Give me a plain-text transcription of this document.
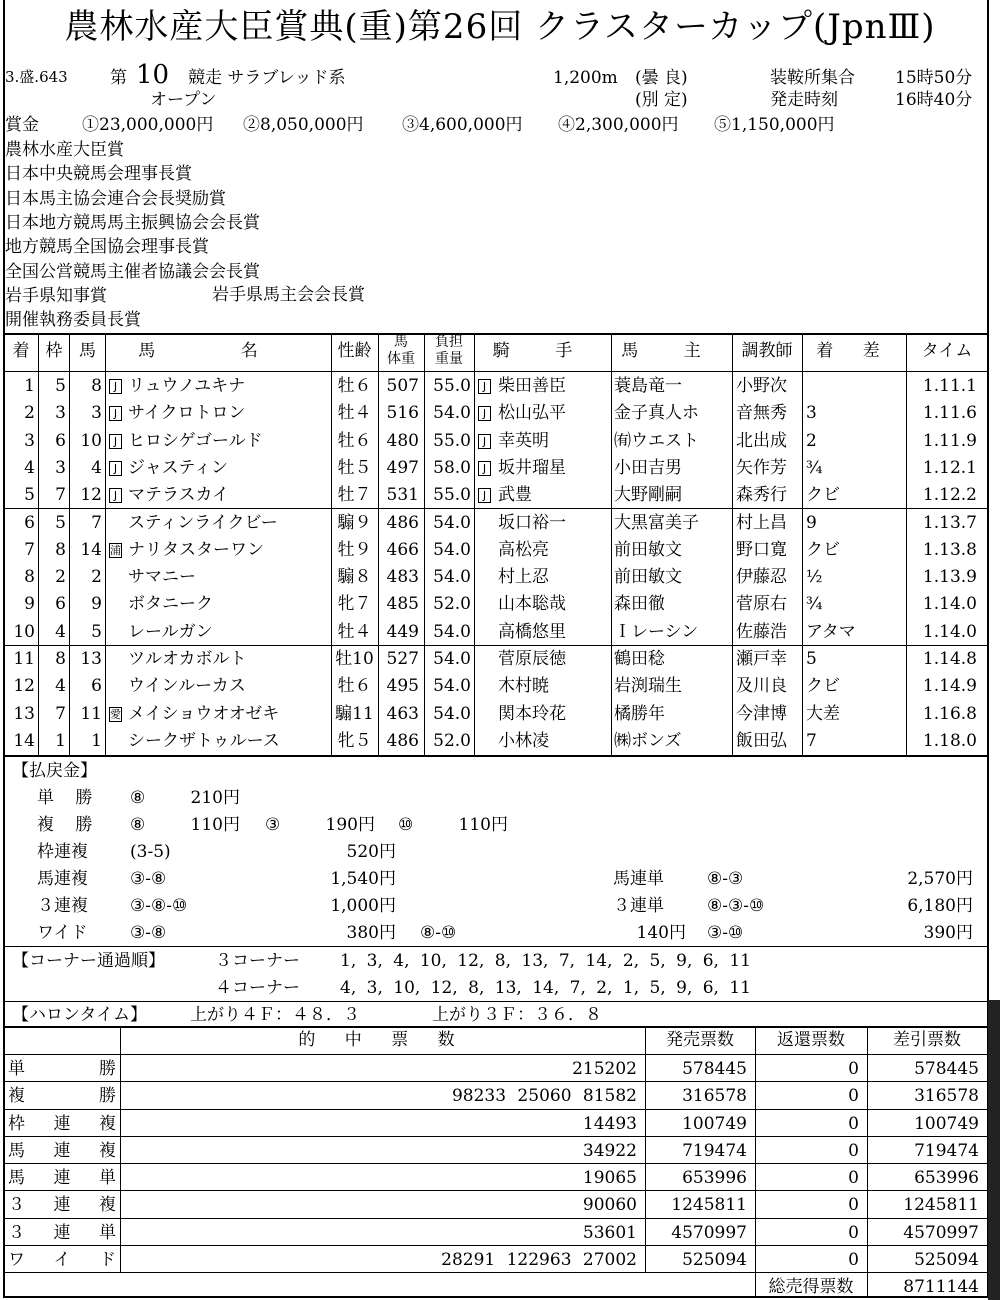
農林水産大臣賞典(重)第26回 クラスターカップ(JpnⅢ)
3.盛.643 第 10 競走 サラブレッド系
オープン
1,200m (曇 良)
(別 定)
装鞍所集合 15時50分
発走時刻	16時40分
賞金	①23,000,000円 ②8,050,000円 ③4,600,000円 ④2,300,000円 ⑤1,150,000円
農林水産大臣賞
日本中央競馬会理事長賞
日本馬主協会連合会長奨励賞
日本地方競馬馬主振興協会会長賞
地方競馬全国協会理事長賞
全国公営競馬主催者協議会会長賞
岩手県知事賞
開催執務委員長賞
岩手県馬主会会長賞
着 枠 馬	馬 名	性齢	馬
体重
負担
重量	騎 手	馬 主	調教師	着 差	タイム
1	5	8	J リュウノユキナ	牡６ 507 55.0	J 柴田善臣	蓑島竜一	小野次	1.11.1
2	3	3	J サイクロトロン	牡４ 516 54.0	J 松山弘平	金子真人ホ 音無秀 3	1.11.6
3	6 10	J ヒロシゲゴールド	牡６ 480 55.0	J 幸英明	㈲ウエスト 北出成 2	1.11.9
4	3	4	J ジャスティン	牡５ 497 58.0	J 坂井瑠星	小田吉男	矢作芳 ¾	1.12.1
5	7 12	J マテラスカイ	牡７ 531 55.0	J 武豊	大野剛嗣	森秀行 クビ	1.12.2
6	5	7 スティンライクビー	騸９ 486 54.0 坂口裕一	大黒富美子 村上昌 9	1.13.7
7	8 14 浦 ナリタスターワン	牡９ 466 54.0 高松亮	前田敏文	野口寛 クビ	1.13.8
8	2	2 サマニー	騸８ 483 54.0 村上忍	前田敏文	伊藤忍 ½	1.13.9
9	6	9 ボタニーク	牝７ 485 52.0 山本聡哉	森田徹	菅原右 ¾	1.14.0
10	4	5 レールガン	牡４ 449 54.0 高橋悠里	Ｉレーシン 佐藤浩 アタマ	1.14.0
11	8 13 ツルオカボルト	牡10 527 54.0 菅原辰徳	鶴田稔	瀬戸幸 5	1.14.8
12	4	6 ウインルーカス	牡６ 495 54.0 木村暁	岩渕瑞生	及川良 クビ	1.14.9
13	7 11 愛 メイショウオオゼキ	騸11 463 54.0 関本玲花	橘勝年	今津博 大差	1.16.8
14	1	1 シークザトゥルース	牝５ 486 52.0 小林凌	㈱ボンズ	飯田弘 7	1.18.0
【払戻金】
単 勝 ⑧	210円
複 勝 ⑧	110円 ③	190円 ⑩	110円
枠連複 (3-5)	520円
馬連複 ③-⑧	1,540円	馬連単	⑧-③	2,570円
３連複 ③-⑧-⑩	1,000円	３連単	⑧-③-⑩	6,180円
ワイド	③-⑧	380円 ⑧-⑩	140円 ③-⑩	390円
【コーナー通過順】	３コーナー 1, 3, 4, 10, 12, 8, 13, 7, 14, 2, 5, 9, 6, 11
４コーナー 4, 3, 10, 12, 8, 13, 14, 7, 2, 1, 5, 9, 6, 11
【ハロンタイム】	上がり４Ｆ：４８．３	上がり３Ｆ：３６．８
的 中 票 数	発売票数	返還票数	差引票数
単	勝	215202	578445	0	578445
複	勝	98233 25060 81582	316578	0	316578
枠 連 複	14493	100749	0	100749
馬 連 複	34922	719474	0	719474
馬 連 単	19065	653996	0	653996
３ 連 複	90060	1245811	0	1245811
３ 連 単	53601	4570997	0	4570997
ワ イ ド	28291 122963 27002	525094	0	525094
総売得票数	8711144
